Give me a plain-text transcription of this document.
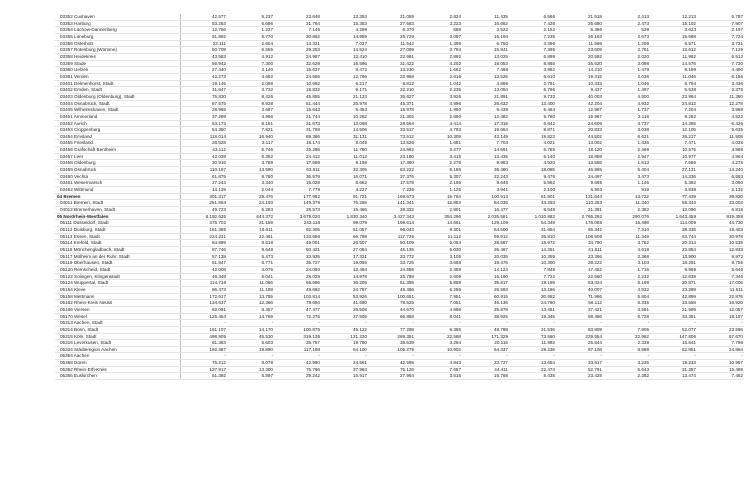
03352 Cuxhaven	42.577	5.237	23.648	13.353	21.059	2.824	11.435	6.566	21.518	2.413	12.213	6.787
03353 Harburg	53.263	5.696	31.764	15.353	27.583	3.223	16.662	7.426	25.680	2.473	15.102	7.907
03354 Lüchow-Dannenberg	12.756	1.227	7.145	4.299	6.370	688	3.522	2.152	6.386	539	3.623	2.197
03355 Lüneburg	51.892	5.770	30.862	14.959	25.729	3.097	15.194	7.235	26.163	2.673	15.668	7.724
03356 Osterholz	23.111	2.604	13.321	7.027	11.542	1.395	6.750	3.396	11.569	1.209	6.571	3.731
03357 Rotenburg (Wümme)	50.708	6.555	29.253	14.524	27.099	3.794	15.841	7.395	23.609	2.761	13.612	7.129
03358 Heidekreis	43.583	4.912	24.987	13.410	22.991	2.892	13.025	6.899	20.592	2.020	11.962	6.512
03359 Stade	56.942	7.300	32.629	16.596	31.422	4.202	18.053	8.865	25.520	3.098	14.576	7.730
03360 Uelzen	27.440	3.140	15.637	8.472	13.230	1.662	7.468	3.982	14.210	1.478	8.169	4.490
03361 Verden	42.273	4.652	24.555	12.766	22.958	2.616	13.526	6.610	19.315	2.036	11.046	6.156
03401 Delmenhorst, Stadt	19.145	2.088	10.692	6.217	8.812	1.042	4.898	2.781	10.333	1.046	5.794	3.436
03402 Emden, Stadt	31.647	3.732	18.832	9.171	22.210	2.235	13.094	6.796	9.437	1.497	5.538	2.375
03403 Oldenburg (Oldenburg), Stadt	75.830	8.426	45.855	21.123	35.827	3.926	21.891	9.733	40.003	4.500	23.964	11.390
03404 Osnabrück, Stadt	87.575	9.928	51.444	25.978	45.371	4.996	26.632	13.400	42.204	4.932	24.812	12.278
03405 Wilhelmshaven, Stadt	28.965	3.687	15.643	9.453	15.978	1.950	8.439	5.464	12.987	1.737	7.204	3.989
03451 Ammerland	37.269	4.966	21.744	10.282	21.302	2.850	12.482	5.760	15.967	2.116	9.262	4.522
03452 Aurich	53.173	8.151	31.673	13.068	28.564	4.414	17.318	6.842	24.609	3.737	14.355	6.426
03453 Cloppenburg	54.350	7.821	31.769	14.506	33.517	4.783	19.664	8.871	20.833	3.038	12.105	5.635
03454 Emsland	118.014	16.940	69.386	31.131	73.512	10.309	43.149	19.823	44.502	6.631	26.217	11.508
03455 Friesland	26.528	3.117	15.174	8.049	13.526	1.681	7.703	4.021	13.002	1.436	7.471	4.028
03456 Grafschaft Bentheim	43.112	5.746	25.286	11.780	24.992	3.277	14.691	6.765	18.120	2.469	10.575	4.995
03457 Leer	42.039	6.362	24.412	11.012	23.180	3.415	13.435	6.140	18.859	2.947	10.977	4.864
03458 Oldenburg	30.916	3.789	17.669	9.196	17.360	2.276	9.983	4.920	13.556	1.513	7.685	4.276
03459 Osnabrück	110.187	13.590	63.611	32.305	63.222	8.186	36.480	18.065	46.965	5.404	27.131	14.240
03460 Vechta	61.875	8.780	36.579	16.071	37.376	5.307	22.243	9.476	24.497	3.473	14.336	6.593
03461 Wesermarsch	27.243	3.340	15.028	8.682	17.578	2.195	9.646	5.592	9.665	1.145	5.382	3.090
03462 Wittmund	14.139	2.044	7.779	4.227	7.236	1.125	3.941	2.100	6.903	919	3.838	2.132
04 Bremen	301.317	29.476	177.952	91.721	169.673	15.754	100.513	51.901	131.644	13.722	77.439	39.820
04011 Bremen, Stadt	251.594	24.193	149.379	76.255	141.341	12.853	84.036	43.253	110.253	11.340	65.343	33.002
04012 Bremerhaven, Stadt	49.723	5.283	28.573	15.466	28.332	2.901	16.477	8.648	21.391	2.382	12.096	6.818
05 Nordrhein-Westfalen	6.192.635	644.372	3.679.020	1.830.340	3.427.343	354.296	2.035.561	1.010.882	2.765.292	290.076	1.643.459	819.358
05111 Düsseldorf, Stadt	375.702	31.159	243.118	99.079	199.614	14.661	129.109	54.349	176.088	16.498	114.009	44.730
05112 Duisburg, Stadt	161.385	16.611	92.305	51.057	96.043	9.301	54.500	31.654	65.342	7.310	38.335	19.403
05113 Essen, Stadt	224.231	22.461	133.656	66.788	117.725	11.112	69.912	35.810	106.506	11.349	63.744	30.978
05114 Krefeld, Stadt	84.899	8.618	49.001	26.507	50.109	5.054	28.687	15.972	34.790	3.762	20.314	10.535
05116 Mönchengladbach, Stadt	87.746	9.648	50.421	27.084	46.135	5.030	26.467	14.251	41.611	4.618	23.954	12.833
05117 Mülheim an der Ruhr, Stadt	57.138	5.473	33.935	17.331	33.772	3.105	20.035	10.359	23.366	2.368	13.900	6.972
05119 Oberhausen, Stadt	61.947	6.771	35.727	19.055	33.725	3.668	19.476	10.300	28.222	3.103	16.251	8.755
05120 Remscheid, Stadt	42.008	4.075	24.093	13.494	24.556	2.359	14.124	7.848	17.452	1.716	9.969	5.646
05122 Solingen, Klingenstadt	48.348	5.041	28.029	14.978	25.788	2.609	15.190	7.722	22.560	2.232	12.638	7.346
05124 Wuppertal, Stadt	114.718	11.056	66.686	36.205	61.395	5.858	35.817	19.199	53.324	5.198	30.871	17.006
05154 Kleve	86.473	11.188	49.682	24.787	46.466	6.256	26.593	13.166	40.007	4.932	23.289	11.611
05158 Mettmann	172.617	13.755	103.814	53.926	100.651	7.951	60.915	30.952	71.966	5.804	42.899	22.876
05162 Rhein-Kreis Neuss	134.637	12.366	79.694	41.680	78.525	7.051	46.136	24.760	56.112	5.335	33.558	16.920
05166 Viersen	82.091	8.457	47.477	25.508	44.670	4.866	25.878	13.451	37.421	3.591	21.599	12.057
05170 Wesel	125.454	14.769	72.276	37.505	66.958	8.041	38.925	19.346	58.496	6.728	33.351	18.157
05313 Aachen, Stadt	-	-	-	-	-	-	-	-	-	-	-	-
05314 Bonn, Stadt	161.107	14.170	100.875	45.122	77.298	6.365	48.798	21.536	83.809	7.805	52.077	23.586
05315 Köln, Stadt	498.905	45.530	319.135	131.230	269.351	22.568	171.329	73.560	229.554	22.962	147.806	57.670
05316 Leverkusen, Stadt	61.383	5.603	35.757	19.780	35.539	3.264	20.116	11.992	25.844	2.339	15.641	7.798
05334 Städteregion Aachen	192.387	19.890	117.188	54.100	105.279	10.902	64.337	29.236	87.108	8.988	52.851	24.864
05354 Aachen	-	-	-	-	-	-	-	-	-	-	-	-
05358 Düren	76.212	8.078	42.980	24.561	42.595	4.843	23.727	13.654	33.617	3.235	19.233	10.957
05362 Rhein-Erft-Kreis	127.917	13.300	75.766	37.963	75.126	7.657	44.411	22.474	52.791	5.643	31.357	15.489
05366 Euskirchen	51.392	5.897	29.242	15.917	27.964	3.515	15.768	8.435	23.428	2.382	13.474	7.482
